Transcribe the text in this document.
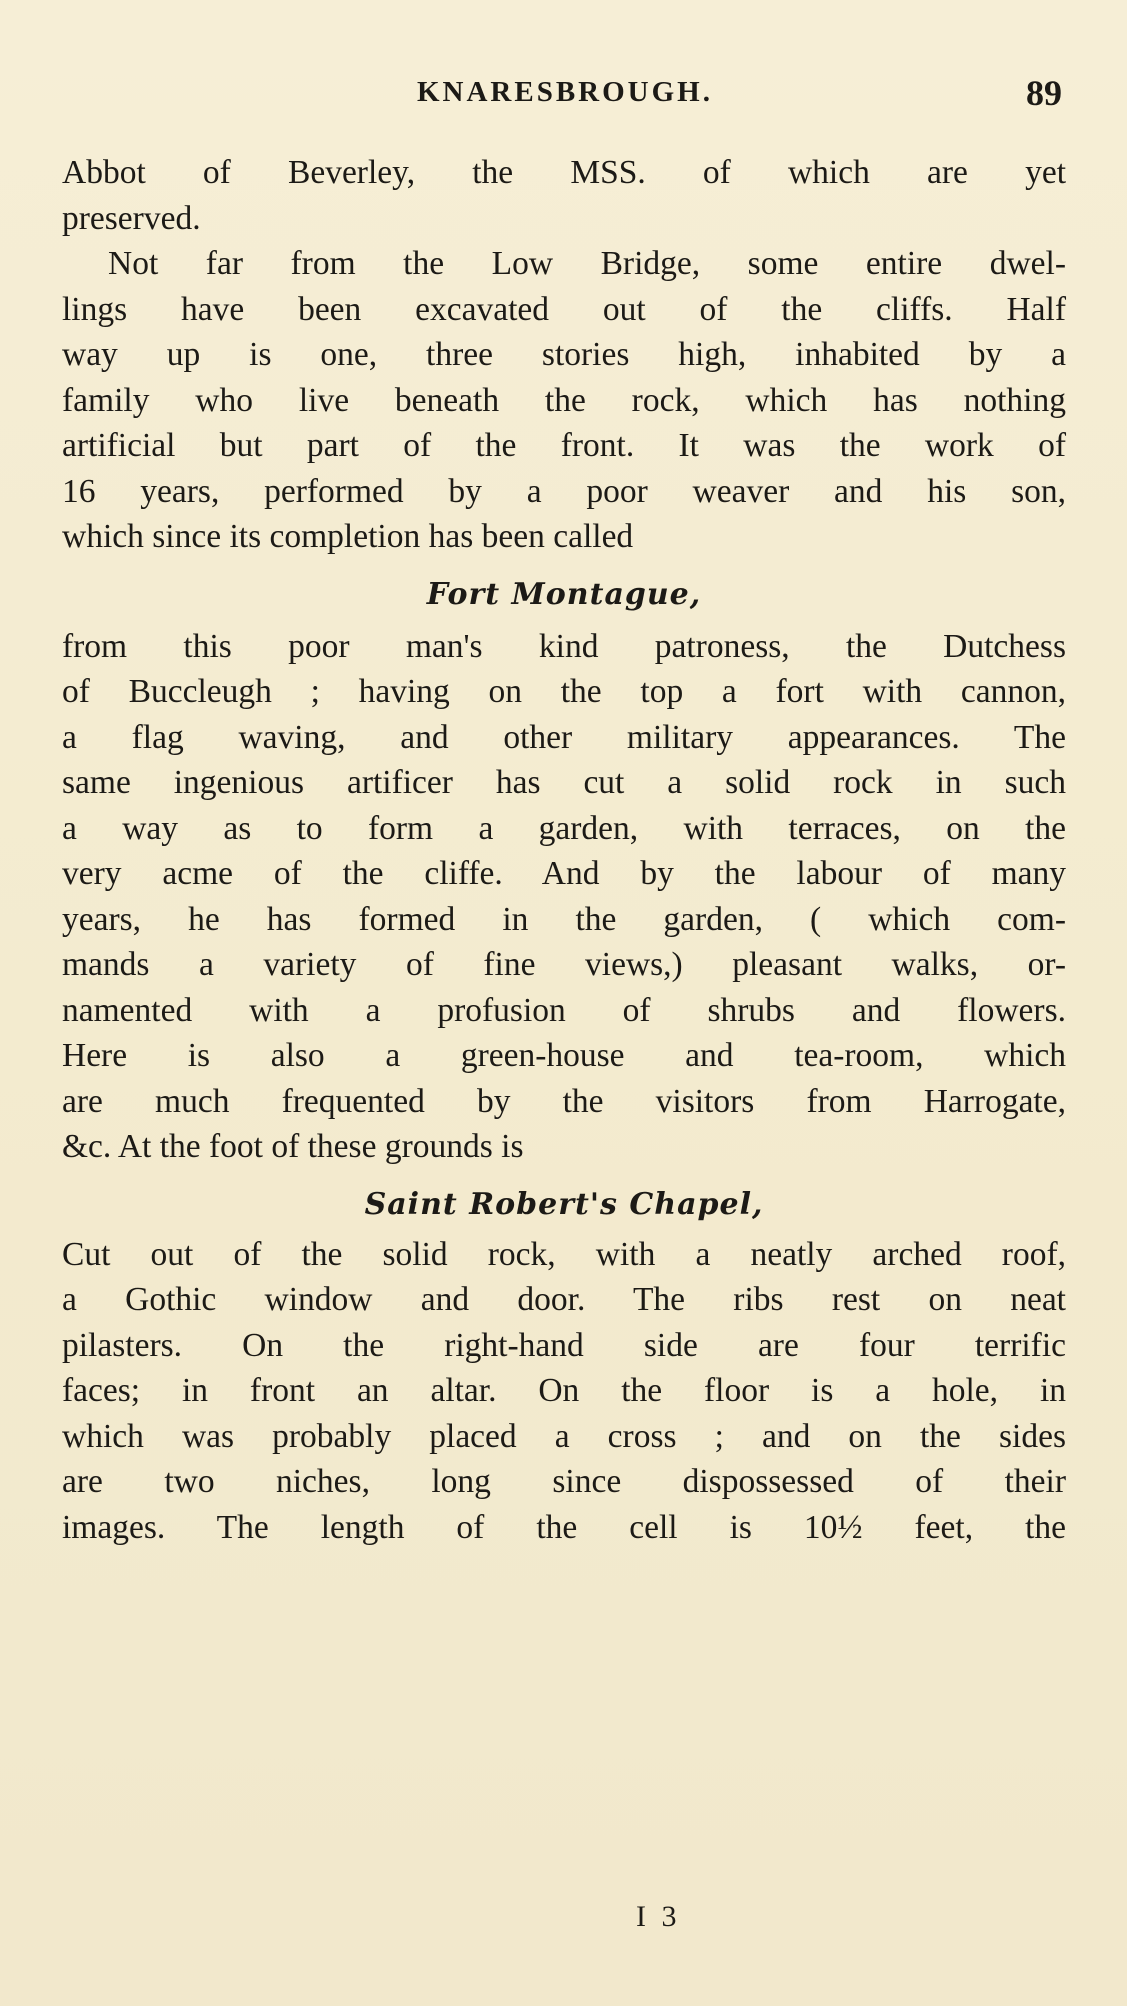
KNARESBROUGH.	89
Abbot of Beverley, the MSS. of which are yet
preserved.
Not far from the Low Bridge, some entire dwel-
lings have been excavated out of the cliffs. Half
way up is one, three stories high, inhabited by a
family who live beneath the rock, which has nothing
artificial but part of the front. It was the work of
16 years, performed by a poor weaver and his son,
which since its completion has been called
Fort Montague,
from this poor man's kind patroness, the Dutchess
of Buccleugh ; having on the top a fort with cannon,
a flag waving, and other military appearances. The
same ingenious artificer has cut a solid rock in such
a way as to form a garden, with terraces, on the
very acme of the cliffe. And by the labour of many
years, he has formed in the garden, ( which com-
mands a variety of fine views,) pleasant walks, or-
namented with a profusion of shrubs and flowers.
Here is also a green-house and tea-room, which
are much frequented by the visitors from Harrogate,
&c. At the foot of these grounds is
Saint Robert's Chapel,
Cut out of the solid rock, with a neatly arched roof,
a Gothic window and door. The ribs rest on neat
pilasters. On the right-hand side are four terrific
faces; in front an altar. On the floor is a hole, in
which was probably placed a cross ; and on the sides
are two niches, long since dispossessed of their
images. The length of the cell is 10½ feet, the
I 3
